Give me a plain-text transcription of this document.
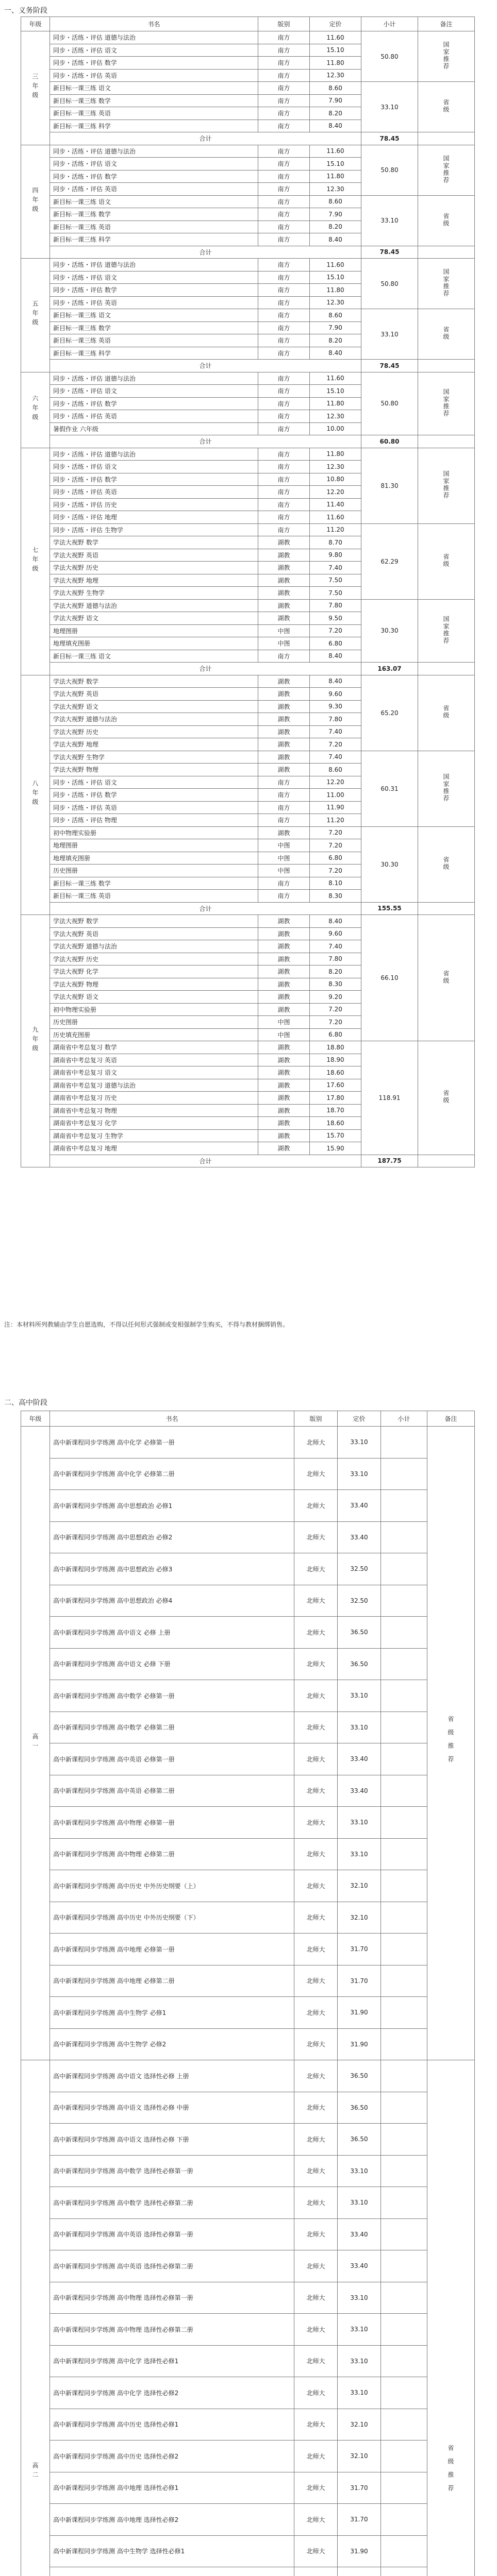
一、义务阶段
年级	书名	版别	定价	小计	备注
三年级	同步・活练・评估 道德与法治	南方	11.60	50.80	国家推荐
	同步・活练・评估 语文	南方	15.10		
	同步・活练・评估 数学	南方	11.80		
	同步・活练・评估 英语	南方	12.30		
	新目标一课三练 语文	南方	8.60	33.10	省级
	新目标一课三练 数学	南方	7.90		
	新目标一课三练 英语	南方	8.20		
	新目标一课三练 科学	南方	8.40		
	合计			78.45	
四年级	同步・活练・评估 道德与法治	南方	11.60	50.80	国家推荐
	同步・活练・评估 语文	南方	15.10		
	同步・活练・评估 数学	南方	11.80		
	同步・活练・评估 英语	南方	12.30		
	新目标一课三练 语文	南方	8.60	33.10	省级
	新目标一课三练 数学	南方	7.90		
	新目标一课三练 英语	南方	8.20		
	新目标一课三练 科学	南方	8.40		
	合计			78.45	
五年级	同步・活练・评估 道德与法治	南方	11.60	50.80	国家推荐
	同步・活练・评估 语文	南方	15.10		
	同步・活练・评估 数学	南方	11.80		
	同步・活练・评估 英语	南方	12.30		
	新目标一课三练 语文	南方	8.60	33.10	省级
	新目标一课三练 数学	南方	7.90		
	新目标一课三练 英语	南方	8.20		
	新目标一课三练 科学	南方	8.40		
	合计			78.45	
六年级	同步・活练・评估 道德与法治	南方	11.60	50.80	国家推荐
	同步・活练・评估 语文	南方	15.10		
	同步・活练・评估 数学	南方	11.80		
	同步・活练・评估 英语	南方	12.30		
	暑假作业 六年级	南方	10.00		
	合计			60.80	
七年级	同步・活练・评估 道德与法治	南方	11.80	81.30	国家推荐
	同步・活练・评估 语文	南方	12.30		
	同步・活练・评估 数学	南方	10.80		
	同步・活练・评估 英语	南方	12.20		
	同步・活练・评估 历史	南方	11.40		
	同步・活练・评估 地理	南方	11.60		
	同步・活练・评估 生物学	南方	11.20	62.29	省级
	学法大视野 数学	湖教	8.70		
	学法大视野 英语	湖教	9.80		
	学法大视野 历史	湖教	7.40		
	学法大视野 地理	湖教	7.50		
	学法大视野 生物学	湖教	7.50		
	学法大视野 道德与法治	湖教	7.80	30.30	国家推荐
	学法大视野 语文	湖教	9.50		
	地理图册	中图	7.20		
	地理填充图册	中图	6.80		
	新目标一课三练 语文	南方	8.40		
	合计			163.07	
八年级	学法大视野 数学	湖教	8.40	65.20	省级
	学法大视野 英语	湖教	9.60		
	学法大视野 语文	湖教	9.30		
	学法大视野 道德与法治	湖教	7.80		
	学法大视野 历史	湖教	7.40		
	学法大视野 地理	湖教	7.20		
	学法大视野 生物学	湖教	7.40	60.31	国家推荐
	学法大视野 物理	湖教	8.60		
	同步・活练・评估 语文	南方	12.20		
	同步・活练・评估 数学	南方	11.00		
	同步・活练・评估 英语	南方	11.90		
	同步・活练・评估 物理	南方	11.20		
	初中物理实验册	湖教	7.20	30.30	省级
	地理图册	中图	7.20		
	地理填充图册	中图	6.80		
	历史图册	中图	7.20		
	新目标一课三练 数学	南方	8.10		
	新目标一课三练 英语	南方	8.30		
	合计			155.55	
九年级	学法大视野 数学	湖教	8.40	66.10	省级
	学法大视野 英语	湖教	9.60		
	学法大视野 道德与法治	湖教	7.40		
	学法大视野 历史	湖教	7.80		
	学法大视野 化学	湖教	8.20		
	学法大视野 物理	湖教	8.30		
	学法大视野 语文	湖教	9.20		
	初中物理实验册	湖教	7.20		
	历史图册	中图	7.20		
	历史填充图册	中图	6.80		
	湖南省中考总复习 数学	湖教	18.80	118.91	省级
	湖南省中考总复习 英语	湖教	18.90		
	湖南省中考总复习 语文	湖教	18.60		
	湖南省中考总复习 道德与法治	湖教	17.60		
	湖南省中考总复习 历史	湖教	17.80		
	湖南省中考总复习 物理	湖教	18.70		
	湖南省中考总复习 化学	湖教	18.60		
	湖南省中考总复习 生物学	湖教	15.70		
	湖南省中考总复习 地理	湖教	15.90		
	合计			187.75	
注：本材料所列教辅由学生自愿选购，不得以任何形式强制或变相强制学生购买，不得与教材捆绑销售。
二、高中阶段
年级	书名	版别	定价	小计	备注
高一	高中新课程同步学练测 高中化学 必修第一册	北师大	33.10		省级推荐
	高中新课程同步学练测 高中化学 必修第二册	北师大	33.10		
	高中新课程同步学练测 高中思想政治 必修1	北师大	33.40		
	高中新课程同步学练测 高中思想政治 必修2	北师大	33.40		
	高中新课程同步学练测 高中思想政治 必修3	北师大	32.50		
	高中新课程同步学练测 高中思想政治 必修4	北师大	32.50		
	高中新课程同步学练测 高中语文 必修 上册	北师大	36.50		
	高中新课程同步学练测 高中语文 必修 下册	北师大	36.50		
	高中新课程同步学练测 高中数学 必修第一册	北师大	33.10		
	高中新课程同步学练测 高中数学 必修第二册	北师大	33.10		
	高中新课程同步学练测 高中英语 必修第一册	北师大	33.40		
	高中新课程同步学练测 高中英语 必修第二册	北师大	33.40		
	高中新课程同步学练测 高中物理 必修第一册	北师大	33.10		
	高中新课程同步学练测 高中物理 必修第二册	北师大	33.10		
	高中新课程同步学练测 高中历史 中外历史纲要（上）	北师大	32.10		
	高中新课程同步学练测 高中历史 中外历史纲要（下）	北师大	32.10		
	高中新课程同步学练测 高中地理 必修第一册	北师大	31.70		
	高中新课程同步学练测 高中地理 必修第二册	北师大	31.70		
	高中新课程同步学练测 高中生物学 必修1	北师大	31.90		
	高中新课程同步学练测 高中生物学 必修2	北师大	31.90		
高二	高中新课程同步学练测 高中语文 选择性必修 上册	北师大	36.50		省级推荐
	高中新课程同步学练测 高中语文 选择性必修 中册	北师大	36.50		
	高中新课程同步学练测 高中语文 选择性必修 下册	北师大	36.50		
	高中新课程同步学练测 高中数学 选择性必修第一册	北师大	33.10		
	高中新课程同步学练测 高中数学 选择性必修第二册	北师大	33.10		
	高中新课程同步学练测 高中英语 选择性必修第一册	北师大	33.40		
	高中新课程同步学练测 高中英语 选择性必修第二册	北师大	33.40		
	高中新课程同步学练测 高中物理 选择性必修第一册	北师大	33.10		
	高中新课程同步学练测 高中物理 选择性必修第二册	北师大	33.10		
	高中新课程同步学练测 高中化学 选择性必修1	北师大	33.10		
	高中新课程同步学练测 高中化学 选择性必修2	北师大	33.10		
	高中新课程同步学练测 高中历史 选择性必修1	北师大	32.10		
	高中新课程同步学练测 高中历史 选择性必修2	北师大	32.10		
	高中新课程同步学练测 高中地理 选择性必修1	北师大	31.70		
	高中新课程同步学练测 高中地理 选择性必修2	北师大	31.70		
	高中新课程同步学练测 高中生物学 选择性必修1	北师大	31.90		
